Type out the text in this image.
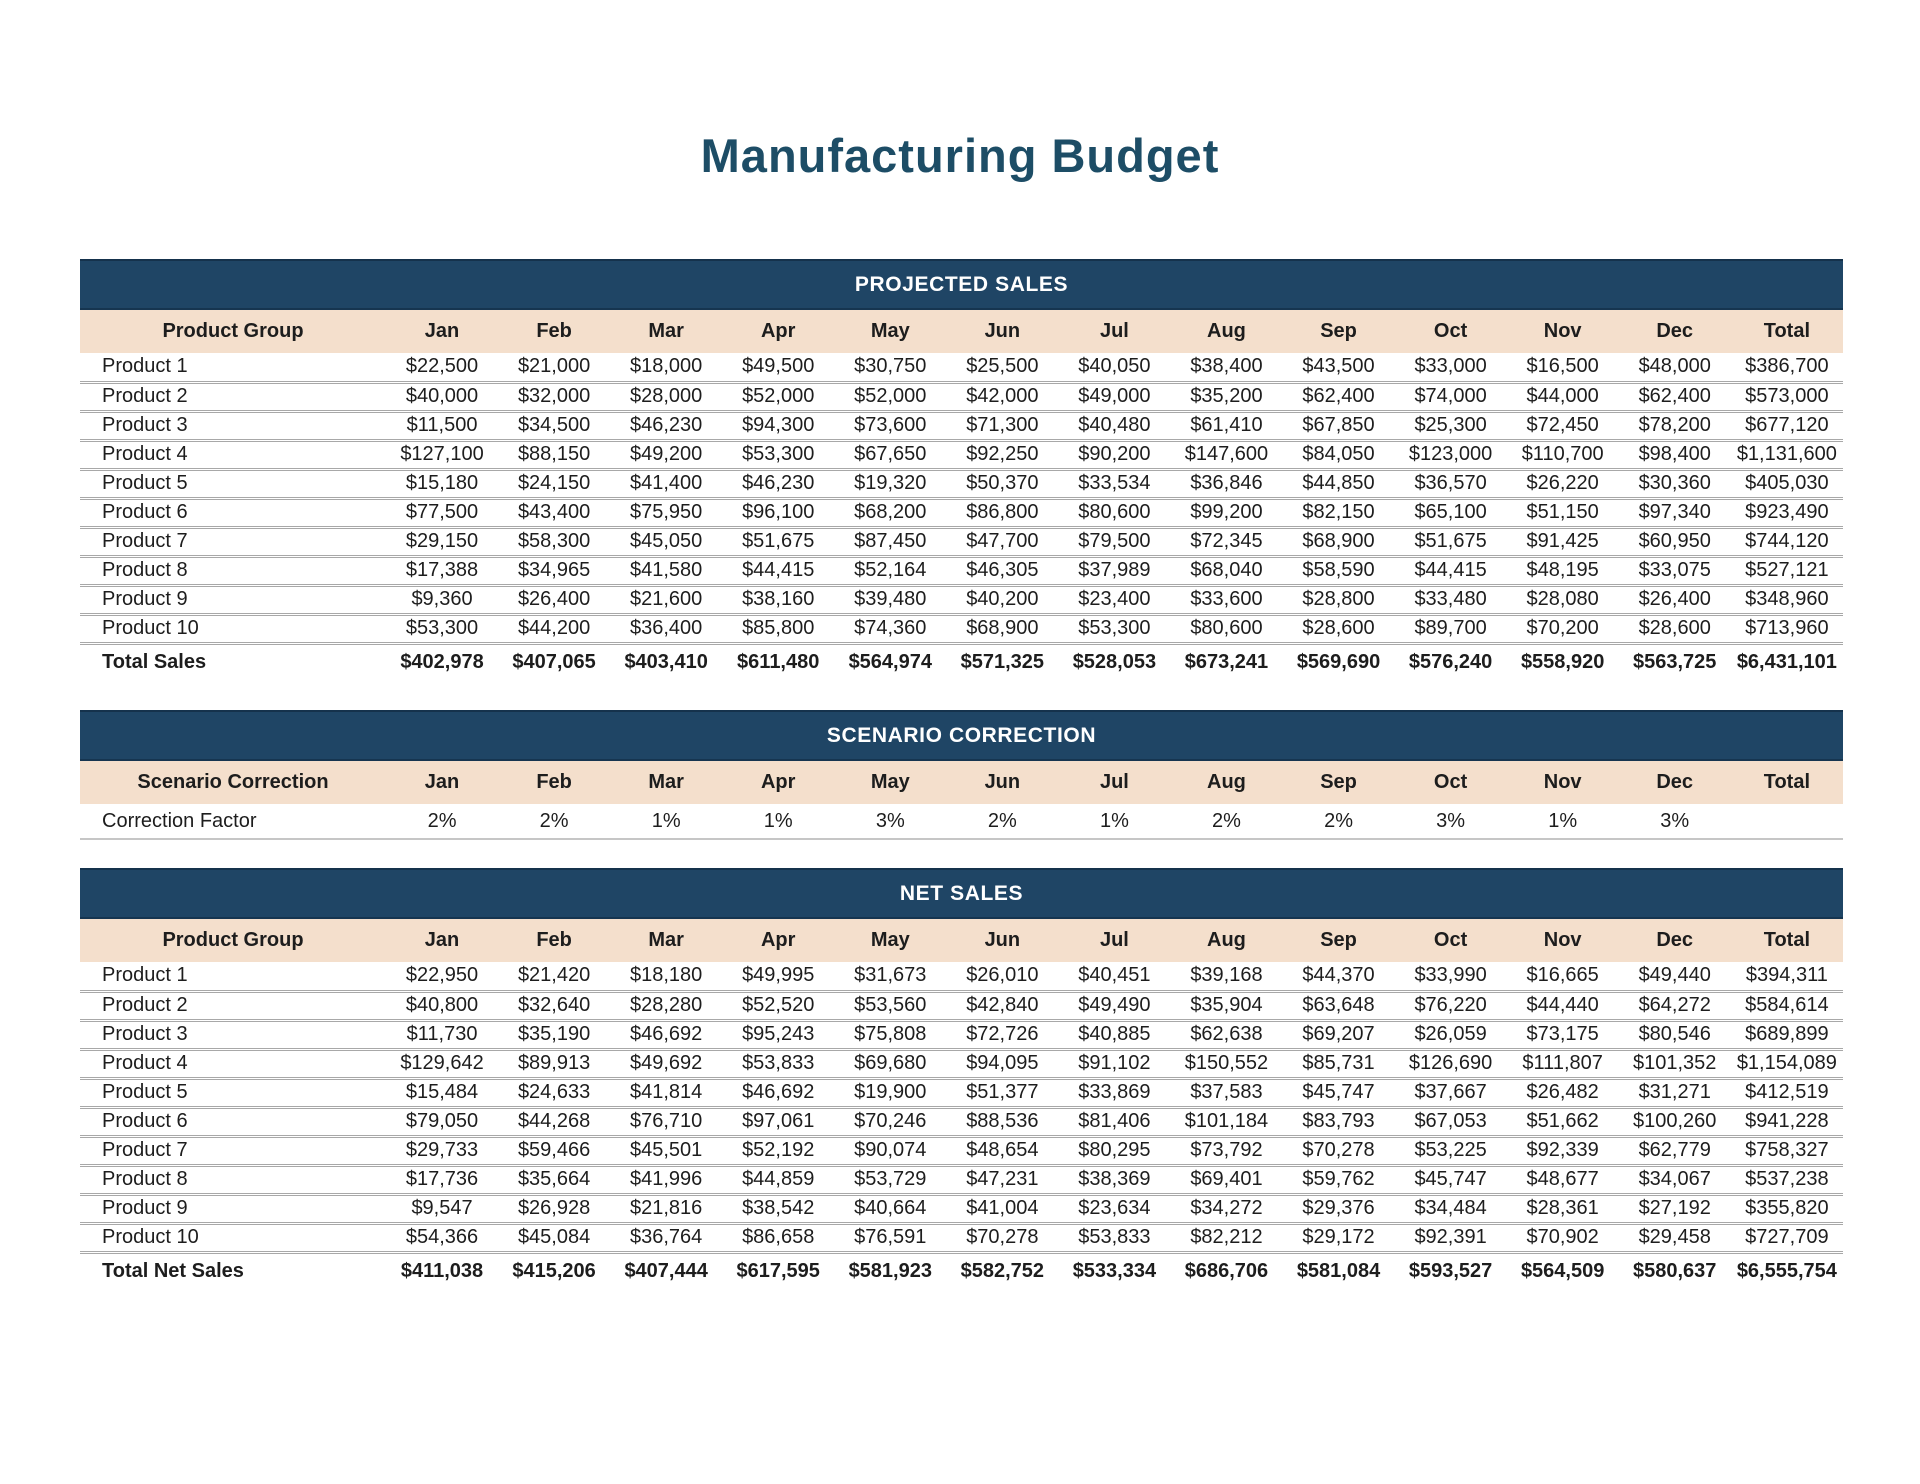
Manufacturing Budget
PROJECTED SALES
Product Group	Jan	Feb	Mar	Apr	May	Jun	Jul	Aug	Sep	Oct	Nov	Dec	Total
Product 1	$22,500	$21,000	$18,000	$49,500	$30,750	$25,500	$40,050	$38,400	$43,500	$33,000	$16,500	$48,000	$386,700
Product 2	$40,000	$32,000	$28,000	$52,000	$52,000	$42,000	$49,000	$35,200	$62,400	$74,000	$44,000	$62,400	$573,000
Product 3	$11,500	$34,500	$46,230	$94,300	$73,600	$71,300	$40,480	$61,410	$67,850	$25,300	$72,450	$78,200	$677,120
Product 4	$127,100	$88,150	$49,200	$53,300	$67,650	$92,250	$90,200	$147,600	$84,050	$123,000	$110,700	$98,400	$1,131,600
Product 5	$15,180	$24,150	$41,400	$46,230	$19,320	$50,370	$33,534	$36,846	$44,850	$36,570	$26,220	$30,360	$405,030
Product 6	$77,500	$43,400	$75,950	$96,100	$68,200	$86,800	$80,600	$99,200	$82,150	$65,100	$51,150	$97,340	$923,490
Product 7	$29,150	$58,300	$45,050	$51,675	$87,450	$47,700	$79,500	$72,345	$68,900	$51,675	$91,425	$60,950	$744,120
Product 8	$17,388	$34,965	$41,580	$44,415	$52,164	$46,305	$37,989	$68,040	$58,590	$44,415	$48,195	$33,075	$527,121
Product 9	$9,360	$26,400	$21,600	$38,160	$39,480	$40,200	$23,400	$33,600	$28,800	$33,480	$28,080	$26,400	$348,960
Product 10	$53,300	$44,200	$36,400	$85,800	$74,360	$68,900	$53,300	$80,600	$28,600	$89,700	$70,200	$28,600	$713,960
Total Sales	$402,978	$407,065	$403,410	$611,480	$564,974	$571,325	$528,053	$673,241	$569,690	$576,240	$558,920	$563,725	$6,431,101
SCENARIO CORRECTION
Scenario Correction	Jan	Feb	Mar	Apr	May	Jun	Jul	Aug	Sep	Oct	Nov	Dec	Total
Correction Factor	2%	2%	1%	1%	3%	2%	1%	2%	2%	3%	1%	3%	
NET SALES
Product Group	Jan	Feb	Mar	Apr	May	Jun	Jul	Aug	Sep	Oct	Nov	Dec	Total
Product 1	$22,950	$21,420	$18,180	$49,995	$31,673	$26,010	$40,451	$39,168	$44,370	$33,990	$16,665	$49,440	$394,311
Product 2	$40,800	$32,640	$28,280	$52,520	$53,560	$42,840	$49,490	$35,904	$63,648	$76,220	$44,440	$64,272	$584,614
Product 3	$11,730	$35,190	$46,692	$95,243	$75,808	$72,726	$40,885	$62,638	$69,207	$26,059	$73,175	$80,546	$689,899
Product 4	$129,642	$89,913	$49,692	$53,833	$69,680	$94,095	$91,102	$150,552	$85,731	$126,690	$111,807	$101,352	$1,154,089
Product 5	$15,484	$24,633	$41,814	$46,692	$19,900	$51,377	$33,869	$37,583	$45,747	$37,667	$26,482	$31,271	$412,519
Product 6	$79,050	$44,268	$76,710	$97,061	$70,246	$88,536	$81,406	$101,184	$83,793	$67,053	$51,662	$100,260	$941,228
Product 7	$29,733	$59,466	$45,501	$52,192	$90,074	$48,654	$80,295	$73,792	$70,278	$53,225	$92,339	$62,779	$758,327
Product 8	$17,736	$35,664	$41,996	$44,859	$53,729	$47,231	$38,369	$69,401	$59,762	$45,747	$48,677	$34,067	$537,238
Product 9	$9,547	$26,928	$21,816	$38,542	$40,664	$41,004	$23,634	$34,272	$29,376	$34,484	$28,361	$27,192	$355,820
Product 10	$54,366	$45,084	$36,764	$86,658	$76,591	$70,278	$53,833	$82,212	$29,172	$92,391	$70,902	$29,458	$727,709
Total Net Sales	$411,038	$415,206	$407,444	$617,595	$581,923	$582,752	$533,334	$686,706	$581,084	$593,527	$564,509	$580,637	$6,555,754
